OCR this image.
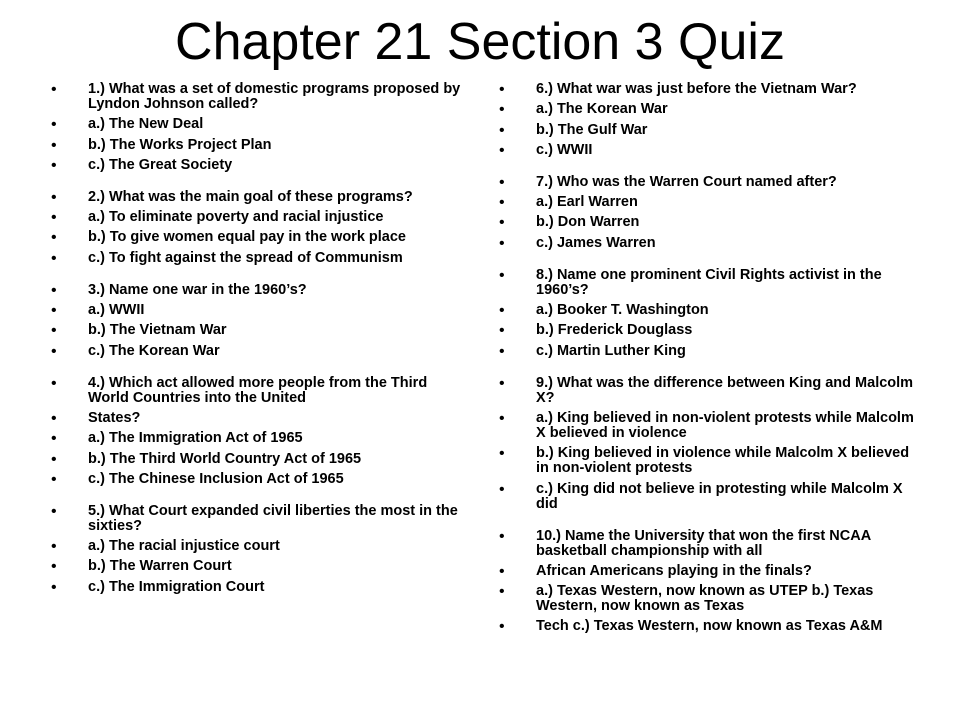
Chapter 21 Section 3 Quiz
• 1.) What was a set of domestic programs proposed by Lyndon Johnson called?
• a.) The New Deal
• b.) The Works Project Plan
• c.) The Great Society
• 2.) What was the main goal of these programs?
• a.) To eliminate poverty and racial injustice
• b.) To give women equal pay in the work place
• c.) To fight against the spread of Communism
• 3.) Name one war in the 1960’s?
• a.) WWII
• b.) The Vietnam War
• c.) The Korean War
• 4.) Which act allowed more people from the Third World Countries into the United
• States?
• a.) The Immigration Act of 1965
• b.) The Third World Country Act of 1965
• c.) The Chinese Inclusion Act of 1965
• 5.) What Court expanded civil liberties the most in the sixties?
• a.) The racial injustice court
• b.) The Warren Court
• c.) The Immigration Court
• 6.) What war was just before the Vietnam War?
• a.) The Korean War
• b.) The Gulf War
• c.) WWII
• 7.) Who was the Warren Court named after?
• a.) Earl Warren
• b.) Don Warren
• c.) James Warren
• 8.) Name one prominent Civil Rights activist in the 1960’s?
• a.) Booker T. Washington
• b.) Frederick Douglass
• c.) Martin Luther King
• 9.) What was the difference between King and Malcolm X?
• a.) King believed in non-violent protests while Malcolm X believed in violence
• b.) King believed in violence while Malcolm X believed in non-violent protests
• c.) King did not believe in protesting while Malcolm X did
• 10.) Name the University that won the first NCAA basketball championship with all
• African Americans playing in the finals?
• a.) Texas Western, now known as UTEP b.) Texas Western, now known as Texas
• Tech c.) Texas Western, now known as Texas A&M
